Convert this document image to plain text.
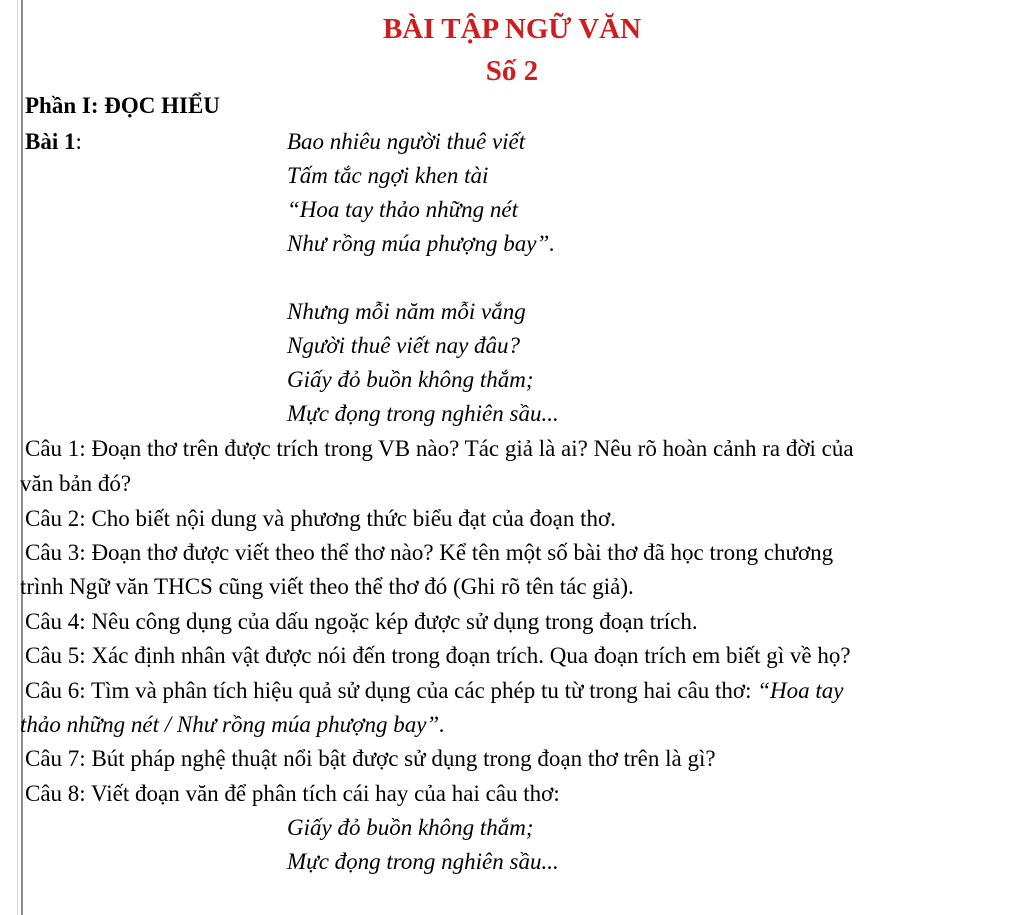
BÀI TẬP NGỮ VĂN
Số 2
Phần I: ĐỌC HIỂU
Bài 1:	Bao nhiêu người thuê viết
Tấm tắc ngợi khen tài
“Hoa tay thảo những nét
Như rồng múa phượng bay”.
Nhưng mỗi năm mỗi vắng
Người thuê viết nay đâu?
Giấy đỏ buồn không thắm;
Mực đọng trong nghiên sầu...
Câu 1: Đoạn thơ trên được trích trong VB nào? Tác giả là ai? Nêu rõ hoàn cảnh ra đời của
văn bản đó?
Câu 2: Cho biết nội dung và phương thức biểu đạt của đoạn thơ.
Câu 3: Đoạn thơ được viết theo thể thơ nào? Kể tên một số bài thơ đã học trong chương
trình Ngữ văn THCS cũng viết theo thể thơ đó (Ghi rõ tên tác giả).
Câu 4: Nêu công dụng của dấu ngoặc kép được sử dụng trong đoạn trích.
Câu 5: Xác định nhân vật được nói đến trong đoạn trích. Qua đoạn trích em biết gì về họ?
Câu 6: Tìm và phân tích hiệu quả sử dụng của các phép tu từ trong hai câu thơ: “Hoa tay
thảo những nét / Như rồng múa phượng bay”.
Câu 7: Bút pháp nghệ thuật nổi bật được sử dụng trong đoạn thơ trên là gì?
Câu 8: Viết đoạn văn để phân tích cái hay của hai câu thơ:
Giấy đỏ buồn không thắm;
Mực đọng trong nghiên sầu...
